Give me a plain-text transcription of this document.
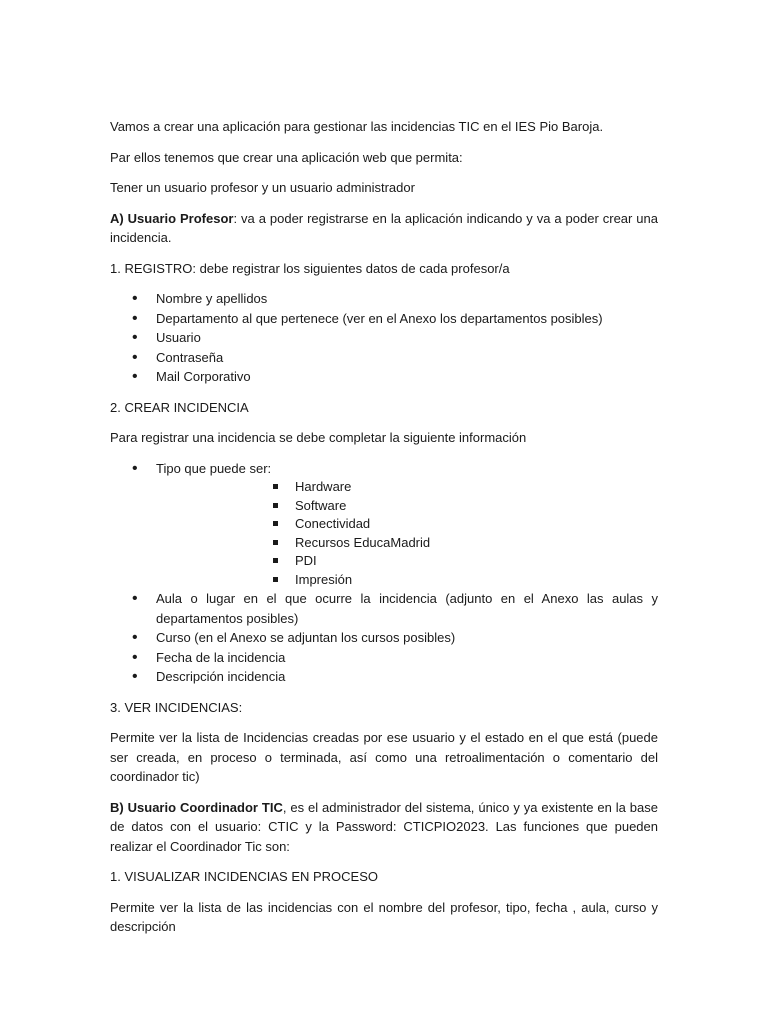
Vamos a crear una aplicación para gestionar las incidencias TIC en el IES Pio Baroja.

Par ellos tenemos que crear una aplicación web que permita:

Tener un usuario profesor y un usuario administrador

A) Usuario Profesor: va a poder registrarse en la aplicación indicando y va a poder crear una incidencia.

1. REGISTRO: debe registrar los siguientes datos de cada profesor/a

• Nombre y apellidos
• Departamento al que pertenece (ver en el Anexo los departamentos posibles)
• Usuario
• Contraseña
• Mail Corporativo

2. CREAR INCIDENCIA

Para registrar una incidencia se debe completar la siguiente información

• Tipo que puede ser:
Hardware
Software
Conectividad
Recursos EducaMadrid
PDI
Impresión
• Aula o lugar en el que ocurre la incidencia (adjunto en el Anexo las aulas y departamentos posibles)
• Curso (en el Anexo se adjuntan los cursos posibles)
• Fecha de la incidencia
• Descripción incidencia

3. VER INCIDENCIAS:

Permite ver la lista de Incidencias creadas por ese usuario y el estado en el que está (puede ser creada, en proceso o terminada, así como una retroalimentación o comentario del coordinador tic)

B) Usuario Coordinador TIC, es el administrador del sistema, único y ya existente en la base de datos con el usuario: CTIC y la Password: CTICPIO2023. Las funciones que pueden realizar el Coordinador Tic son:

1. VISUALIZAR INCIDENCIAS EN PROCESO

Permite ver la lista de las incidencias con el nombre del profesor, tipo, fecha , aula, curso y descripción
